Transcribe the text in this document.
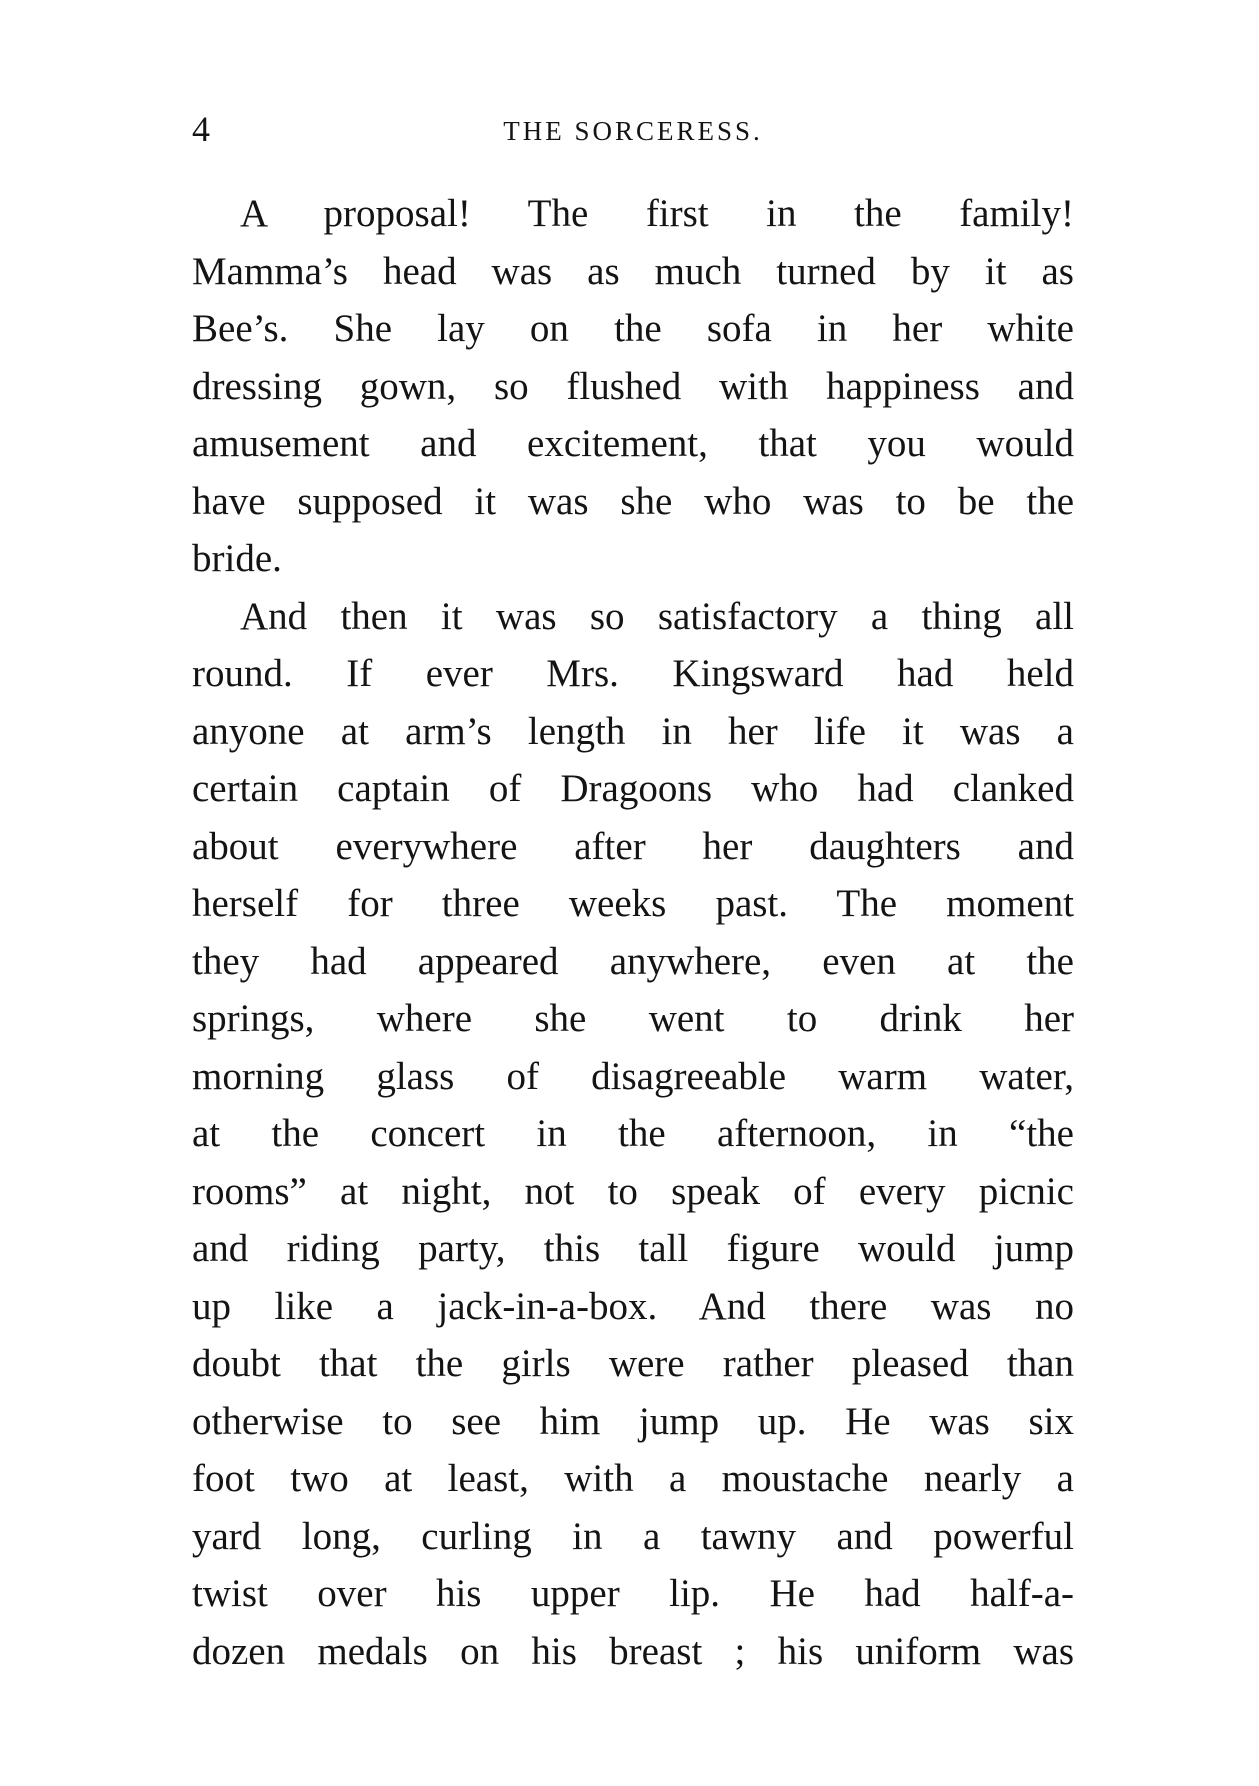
4	THE SORCERESS.
A proposal! The first in the family!
Mamma’s head was as much turned by it as
Bee’s. She lay on the sofa in her white
dressing gown, so flushed with happiness and
amusement and excitement, that you would
have supposed it was she who was to be the
bride.
And then it was so satisfactory a thing all
round. If ever Mrs. Kingsward had held
anyone at arm’s length in her life it was a
certain captain of Dragoons who had clanked
about everywhere after her daughters and
herself for three weeks past. The moment
they had appeared anywhere, even at the
springs, where she went to drink her
morning glass of disagreeable warm water,
at the concert in the afternoon, in “the
rooms” at night, not to speak of every picnic
and riding party, this tall figure would jump
up like a jack-in-a-box. And there was no
doubt that the girls were rather pleased than
otherwise to see him jump up. He was six
foot two at least, with a moustache nearly a
yard long, curling in a tawny and powerful
twist over his upper lip. He had half-a-
dozen medals on his breast ; his uniform was
